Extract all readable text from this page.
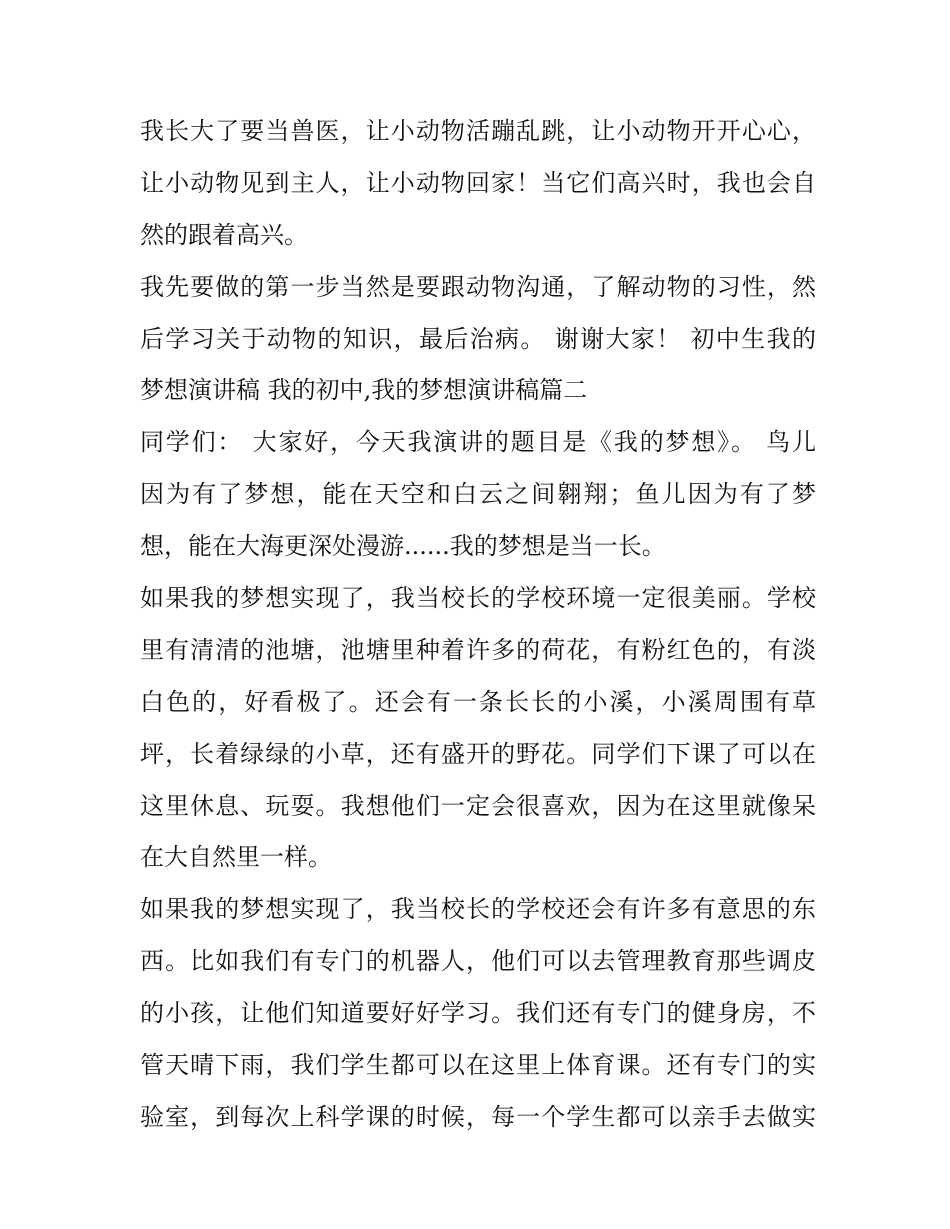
我长大了要当兽医，让小动物活蹦乱跳，让小动物开开心心，
让小动物见到主人，让小动物回家！当它们高兴时，我也会自
然的跟着高兴。
我先要做的第一步当然是要跟动物沟通，了解动物的习性，然
后学习关于动物的知识，最后治病。 谢谢大家！ 初中生我的
梦想演讲稿 我的初中,我的梦想演讲稿篇二
同学们： 大家好，今天我演讲的题目是《我的梦想》。 鸟儿
因为有了梦想，能在天空和白云之间翱翔；鱼儿因为有了梦
想，能在大海更深处漫游......我的梦想是当一长。
如果我的梦想实现了，我当校长的学校环境一定很美丽。学校
里有清清的池塘，池塘里种着许多的荷花，有粉红色的，有淡
白色的，好看极了。还会有一条长长的小溪，小溪周围有草
坪，长着绿绿的小草，还有盛开的野花。同学们下课了可以在
这里休息、玩耍。我想他们一定会很喜欢，因为在这里就像呆
在大自然里一样。
如果我的梦想实现了，我当校长的学校还会有许多有意思的东
西。比如我们有专门的机器人，他们可以去管理教育那些调皮
的小孩，让他们知道要好好学习。我们还有专门的健身房，不
管天晴下雨，我们学生都可以在这里上体育课。还有专门的实
验室，到每次上科学课的时候，每一个学生都可以亲手去做实
